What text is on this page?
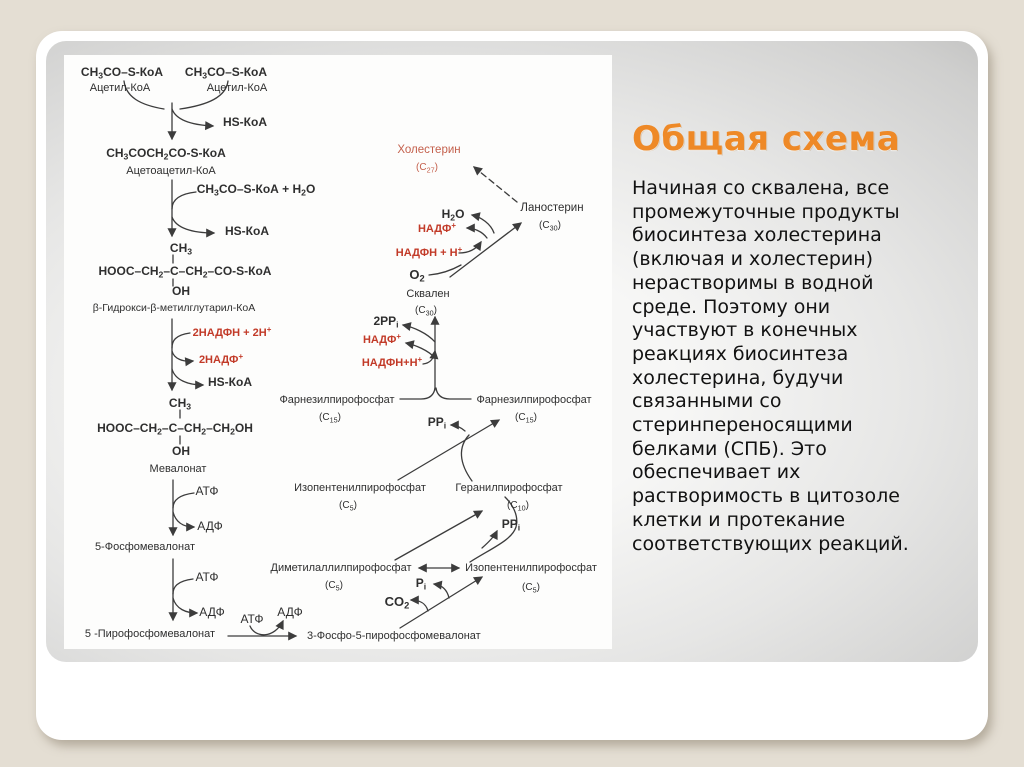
$CH_3CO-S$-КоА $CH_3CO-S$-КоА
Ацетил-КоА	Ацетил-КоА
HS-КоА
$CH_3COCH_2CO-S$-КоА
Ацетоацетил-КоА
$CH_3CO-S$-КоА + $H_2O$
HS-КоА
$CH_3$
HOOC–$CH_2-C-CH_2-CO-S$-КоА
OH
β-Гидрокси-β-метилглутарил-КоА
2НАДФН + 2Н+
2НАДФ+
HS-КоА
$CH_3$
HOOC–$CH_2-C-CH_2-CH_2OH$
OH
Мевалонат
АТФ
АДФ
5-Фосфомевалонат
АТФ
АДФ
5 -Пирофосфомевалонат
АТФ АДФ
3-Фосфо-5-пирофосфомевалонат
Холестерин
$(C_{27})$
Ланостерин
$(C_{30})$
$H_2O$
НАДФ+
НАДФН + Н+
$O_2$
Сквален
$(C_{30})$
$2PP_i$
НАДФ+
НАДФН+Н+
Фарнезилпирофосфат
$(C_{15})$
Фарнезилпирофосфат
$(C_{15})$
$PP_i$
Изопентенилпирофосфат
$(C_5)$
Геранилпирофосфат
$(C_{10})$
$PP_i$
Диметилаллилпирофосфат
$(C_5)$
Изопентенилпирофосфат
$(C_5)$
$P_i$
$CO_2$
Общая схема

Начиная со сквалена, все
промежуточные продукты
биосинтеза холестерина
(включая и холестерин)
нерастворимы в водной
среде. Поэтому они
участвуют в конечных
реакциях биосинтеза
холестерина, будучи
связанными со
стеринпереносящими
белками (СПБ). Это
обеспечивает их
растворимость в цитозоле
клетки и протекание
соответствующих реакций.
